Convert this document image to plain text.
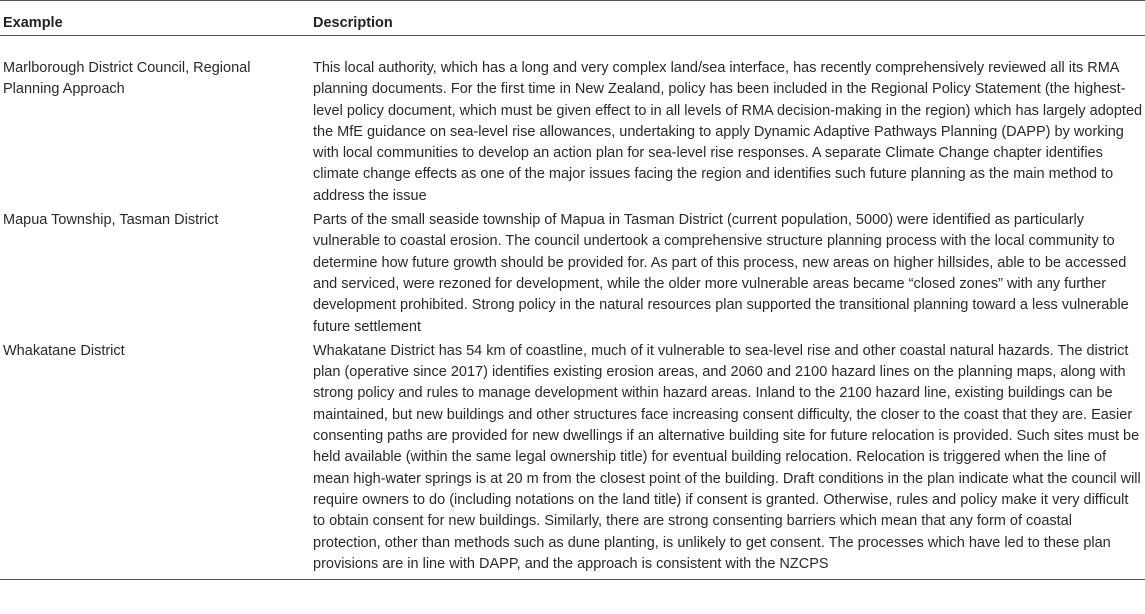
Example	Description

Marlborough District Council, Regional Planning Approach	This local authority, which has a long and very complex land/sea interface, has recently comprehensively reviewed all its RMA planning documents. For the first time in New Zealand, policy has been included in the Regional Policy Statement (the highest-level policy document, which must be given effect to in all levels of RMA decision-making in the region) which has largely adopted the MfE guidance on sea-level rise allowances, undertaking to apply Dynamic Adaptive Pathways Planning (DAPP) by working with local communities to develop an action plan for sea-level rise responses. A separate Climate Change chapter identifies climate change effects as one of the major issues facing the region and identifies such future planning as the main method to address the issue

Mapua Township, Tasman District	Parts of the small seaside township of Mapua in Tasman District (current population, 5000) were identified as particularly vulnerable to coastal erosion. The council undertook a comprehensive structure planning process with the local community to determine how future growth should be provided for. As part of this process, new areas on higher hillsides, able to be accessed and serviced, were rezoned for development, while the older more vulnerable areas became “closed zones” with any further development prohibited. Strong policy in the natural resources plan supported the transitional planning toward a less vulnerable future settlement

Whakatane District	Whakatane District has 54 km of coastline, much of it vulnerable to sea-level rise and other coastal natural hazards. The district plan (operative since 2017) identifies existing erosion areas, and 2060 and 2100 hazard lines on the planning maps, along with strong policy and rules to manage development within hazard areas. Inland to the 2100 hazard line, existing buildings can be maintained, but new buildings and other structures face increasing consent difficulty, the closer to the coast that they are. Easier consenting paths are provided for new dwellings if an alternative building site for future relocation is provided. Such sites must be held available (within the same legal ownership title) for eventual building relocation. Relocation is triggered when the line of mean high-water springs is at 20 m from the closest point of the building. Draft conditions in the plan indicate what the council will require owners to do (including notations on the land title) if consent is granted. Otherwise, rules and policy make it very difficult to obtain consent for new buildings. Similarly, there are strong consenting barriers which mean that any form of coastal protection, other than methods such as dune planting, is unlikely to get consent. The processes which have led to these plan provisions are in line with DAPP, and the approach is consistent with the NZCPS
